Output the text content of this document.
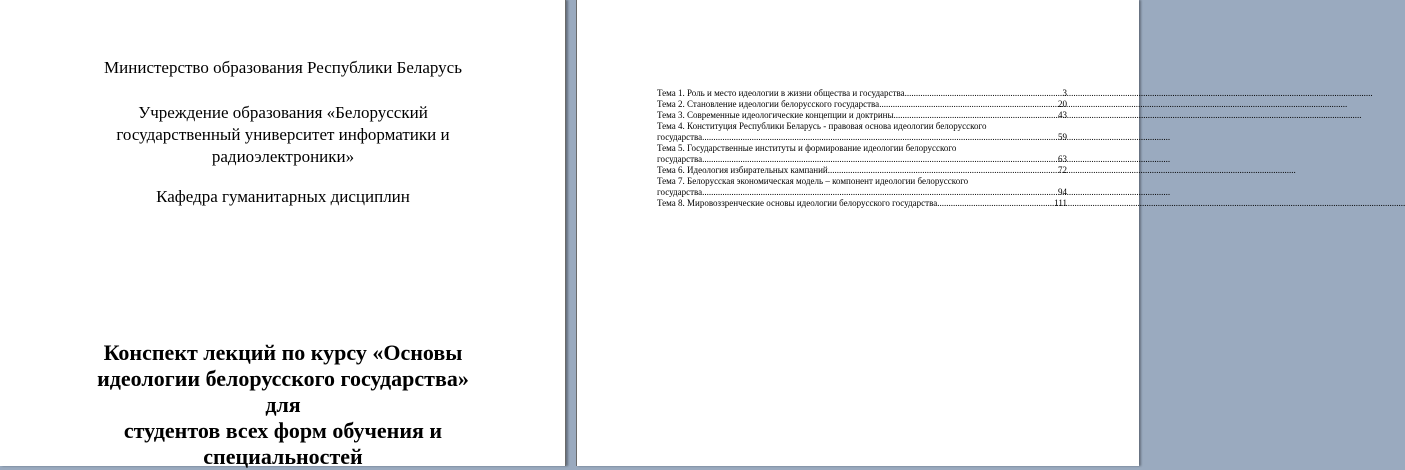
Министерство образования Республики Беларусь
Учреждение образования «Белорусский
государственный университет информатики и
радиоэлектроники»
Кафедра гуманитарных дисциплин
Конспект лекций по курсу «Основы
идеологии белорусского государства» для
студентов всех форм обучения и
специальностей
Тема 1. Роль и место идеологии в жизни общества и государства .....	3
Тема 2. Становление идеологии белорусского государства .....	20
Тема 3. Современные идеологические концепции и доктрины .....	43
Тема 4. Конституция Республики Беларусь - правовая основа идеологии белорусского
государства .....	59
Тема 5. Государственные институты и формирование идеологии белорусского
государства .....	63
Тема 6. Идеология избирательных кампаний .....	72
Тема 7. Белорусская экономическая модель – компонент идеологии белорусского
государства .....	94
Тема 8. Мировоззренческие основы идеологии белорусского государства .....	111
